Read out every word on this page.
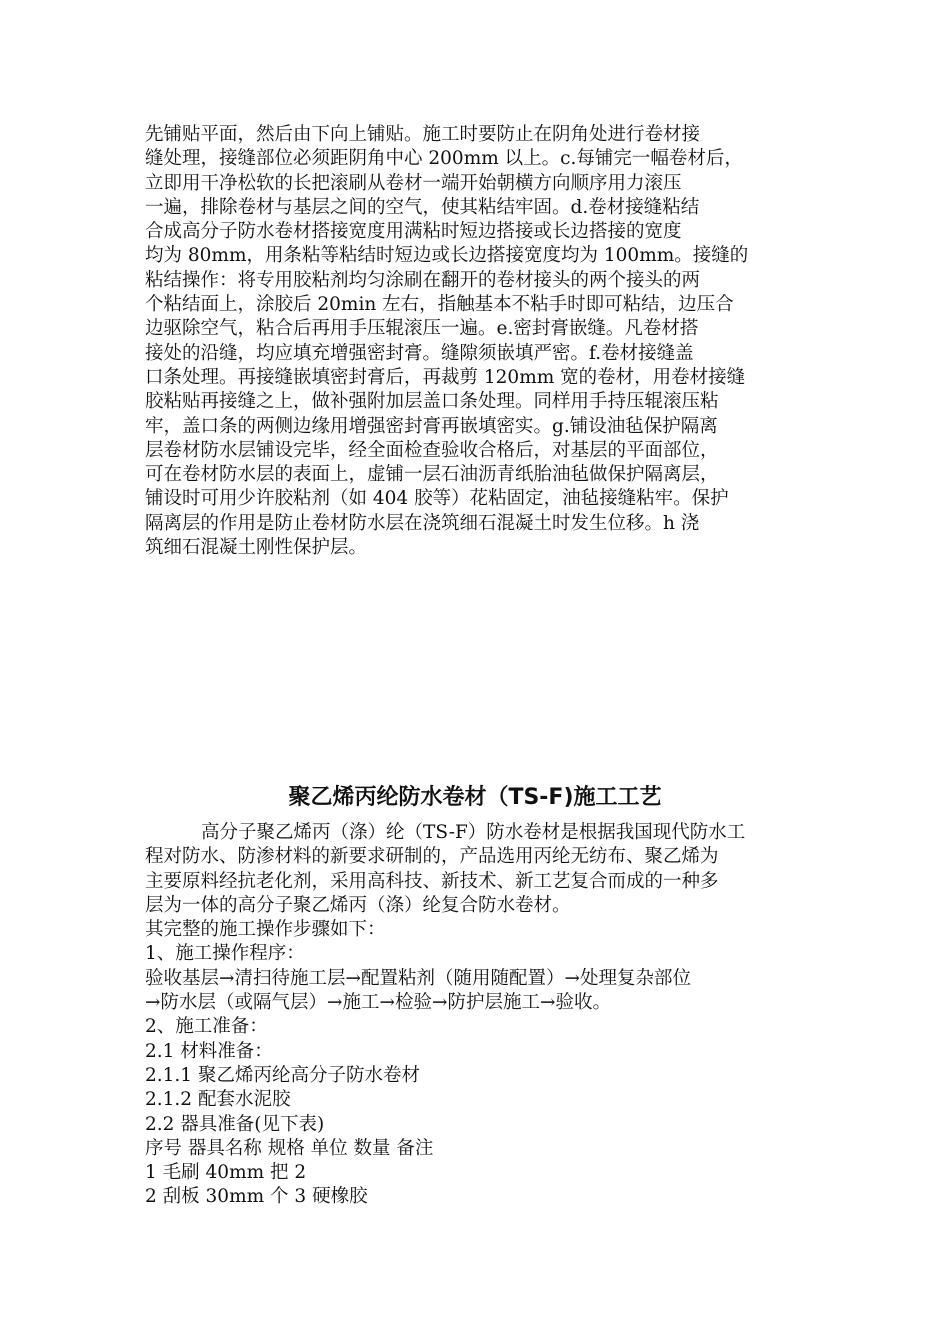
先铺贴平面，然后由下向上铺贴。施工时要防止在阴角处进行卷材接
缝处理，接缝部位必须距阴角中心 200mm 以上。c.每铺完一幅卷材后，
立即用干净松软的长把滚刷从卷材一端开始朝横方向顺序用力滚压
一遍，排除卷材与基层之间的空气，使其粘结牢固。d.卷材接缝粘结
合成高分子防水卷材搭接宽度用满粘时短边搭接或长边搭接的宽度
均为 80mm，用条粘等粘结时短边或长边搭接宽度均为 100mm。接缝的
粘结操作：将专用胶粘剂均匀涂刷在翻开的卷材接头的两个接头的两
个粘结面上，涂胶后 20min 左右，指触基本不粘手时即可粘结，边压合
边驱除空气，粘合后再用手压辊滚压一遍。e.密封膏嵌缝。凡卷材搭
接处的沿缝，均应填充增强密封膏。缝隙须嵌填严密。f.卷材接缝盖
口条处理。再接缝嵌填密封膏后，再裁剪 120mm 宽的卷材，用卷材接缝
胶粘贴再接缝之上，做补强附加层盖口条处理。同样用手持压辊滚压粘
牢，盖口条的两侧边缘用增强密封膏再嵌填密实。g.铺设油毡保护隔离
层卷材防水层铺设完毕，经全面检查验收合格后，对基层的平面部位，
可在卷材防水层的表面上，虚铺一层石油沥青纸胎油毡做保护隔离层，
铺设时可用少许胶粘剂（如 404 胶等）花粘固定，油毡接缝粘牢。保护
隔离层的作用是防止卷材防水层在浇筑细石混凝土时发生位移。h 浇
筑细石混凝土刚性保护层。
聚乙烯丙纶防水卷材（TS-F)施工工艺
高分子聚乙烯丙（涤）纶（TS-F）防水卷材是根据我国现代防水工
程对防水、防渗材料的新要求研制的，产品选用丙纶无纺布、聚乙烯为
主要原料经抗老化剂，采用高科技、新技术、新工艺复合而成的一种多
层为一体的高分子聚乙烯丙（涤）纶复合防水卷材。
其完整的施工操作步骤如下：
1、施工操作程序：
验收基层→清扫待施工层→配置粘剂（随用随配置）→处理复杂部位
→防水层（或隔气层）→施工→检验→防护层施工→验收。
2、施工准备：
2.1 材料准备：
2.1.1 聚乙烯丙纶高分子防水卷材
2.1.2 配套水泥胶
2.2 器具准备(见下表)
序号 器具名称 规格 单位 数量 备注
1 毛刷 40mm 把 2
2 刮板 30mm 个 3 硬橡胶
